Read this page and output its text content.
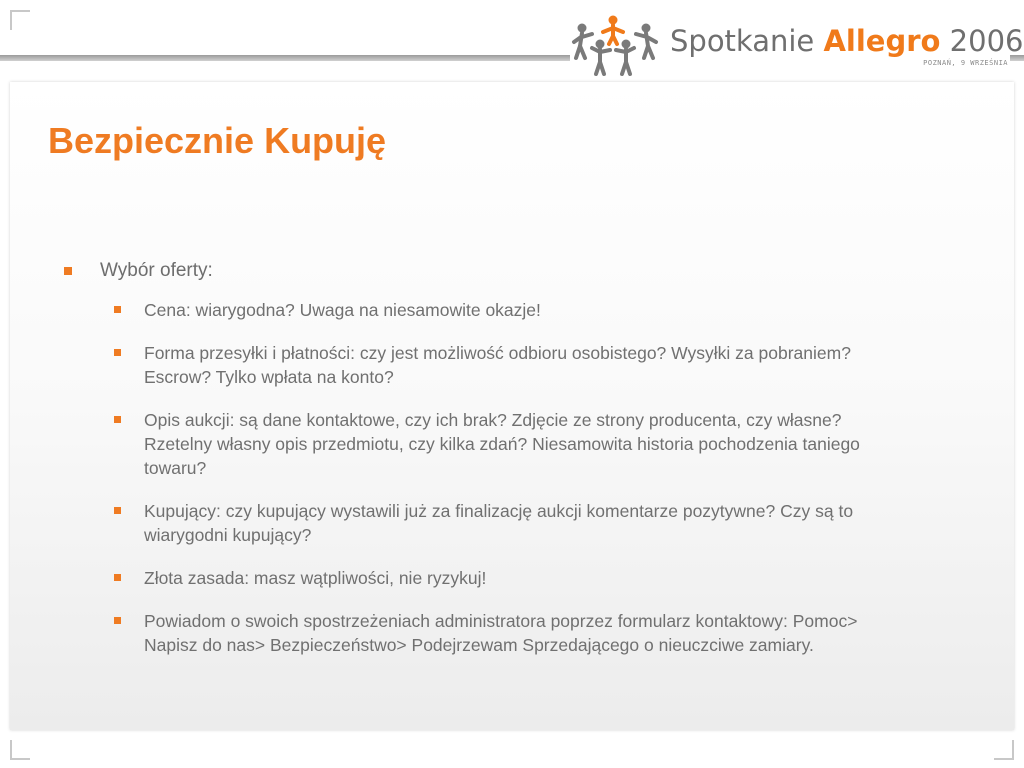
Spotkanie Allegro 2006
POZNAŃ, 9 WRZEŚNIA
Bezpiecznie Kupuję
Wybór oferty:
Cena: wiarygodna? Uwaga na niesamowite okazje!
Forma przesyłki i płatności: czy jest możliwość odbioru osobistego? Wysyłki za pobraniem? Escrow? Tylko wpłata na konto?
Opis aukcji: są dane kontaktowe, czy ich brak? Zdjęcie ze strony producenta, czy własne? Rzetelny własny opis przedmiotu, czy kilka zdań? Niesamowita historia pochodzenia taniego towaru?
Kupujący: czy kupujący wystawili już za finalizację aukcji komentarze pozytywne? Czy są to wiarygodni kupujący?
Złota zasada: masz wątpliwości, nie ryzykuj!
Powiadom o swoich spostrzeżeniach administratora poprzez formularz kontaktowy: Pomoc> Napisz do nas> Bezpieczeństwo> Podejrzewam Sprzedającego o nieuczciwe zamiary.
